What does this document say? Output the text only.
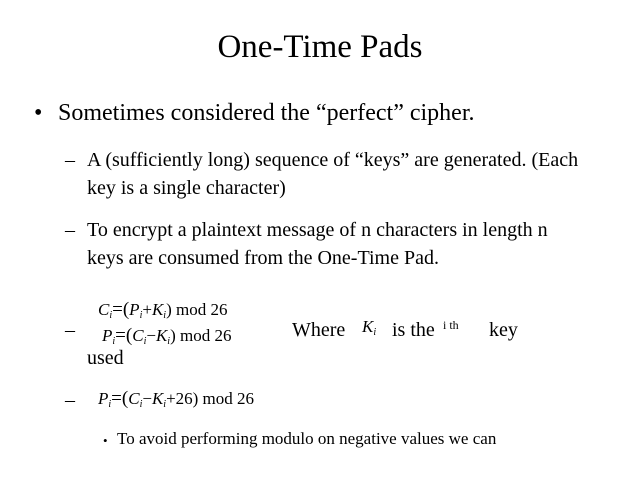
One-Time Pads
• Sometimes considered the “perfect” cipher.
– A (sufficiently long) sequence of “keys” are generated. (Each key is a single character)
– To encrypt a plaintext message of n characters in length n keys are consumed from the One-Time Pad.
–
$C_i=(P_i+K_i)$ mod 26
$P_i=(C_i-K_i)$ mod 26	Where $K_i$ is the i th key
used
– $P_i=(C_i-K_i+26)$ mod 26
• To avoid performing modulo on negative values we can
